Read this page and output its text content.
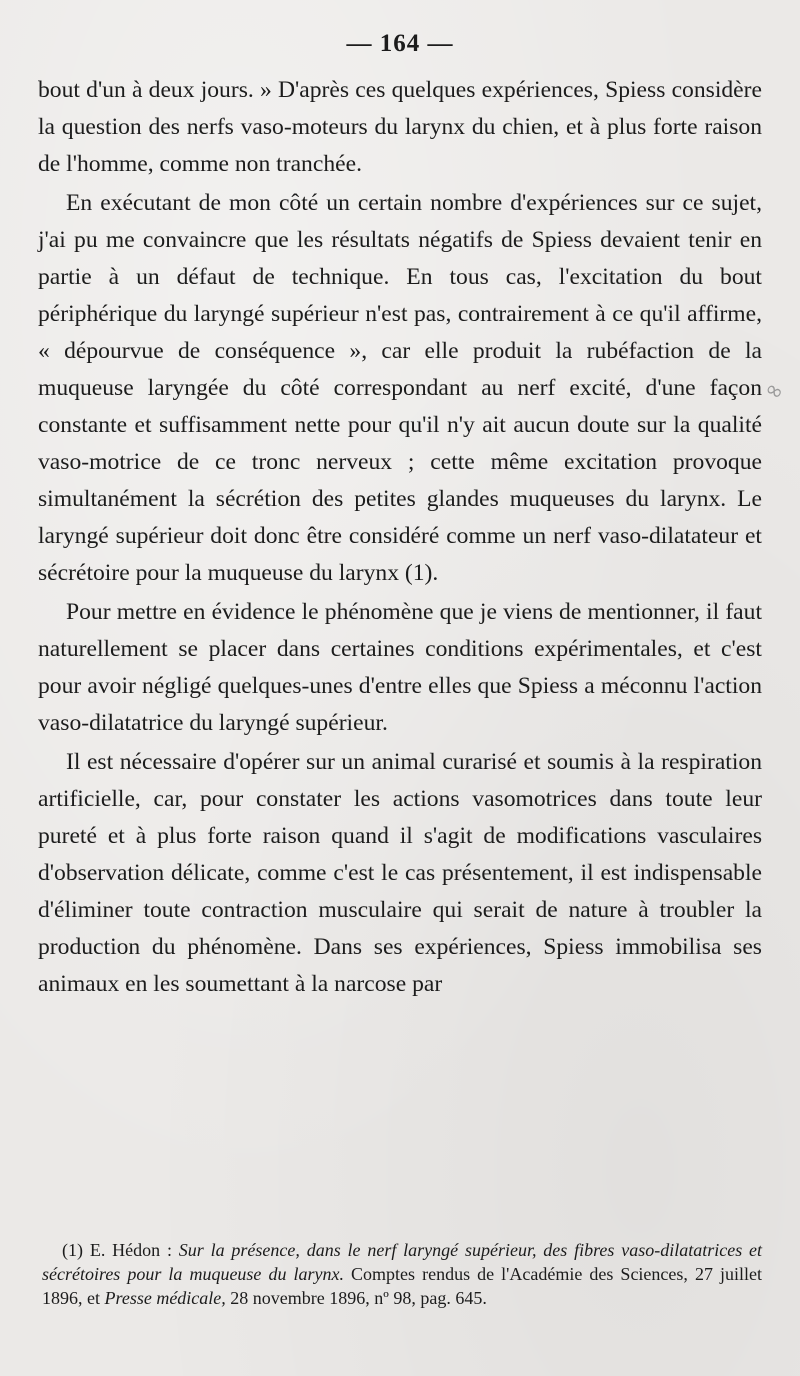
— 164 —

bout d'un à deux jours. » D'après ces quelques expériences, Spiess considère la question des nerfs vaso-moteurs du larynx du chien, et à plus forte raison de l'homme, comme non tranchée.

En exécutant de mon côté un certain nombre d'expériences sur ce sujet, j'ai pu me convaincre que les résultats négatifs de Spiess devaient tenir en partie à un défaut de technique. En tous cas, l'excitation du bout périphérique du laryngé supérieur n'est pas, contrairement à ce qu'il affirme, « dépourvue de conséquence », car elle produit la rubéfaction de la muqueuse laryngée du côté correspondant au nerf excité, d'une façon constante et suffisamment nette pour qu'il n'y ait aucun doute sur la qualité vaso-motrice de ce tronc nerveux ; cette même excitation provoque simultanément la sécrétion des petites glandes muqueuses du larynx. Le laryngé supérieur doit donc être considéré comme un nerf vaso-dilatateur et sécrétoire pour la muqueuse du larynx (1).

Pour mettre en évidence le phénomène que je viens de mentionner, il faut naturellement se placer dans certaines conditions expérimentales, et c'est pour avoir négligé quelques-unes d'entre elles que Spiess a méconnu l'action vaso-dilatatrice du laryngé supérieur.

Il est nécessaire d'opérer sur un animal curarisé et soumis à la respiration artificielle, car, pour constater les actions vasomotrices dans toute leur pureté et à plus forte raison quand il s'agit de modifications vasculaires d'observation délicate, comme c'est le cas présentement, il est indispensable d'éliminer toute contraction musculaire qui serait de nature à troubler la production du phénomène. Dans ses expériences, Spiess immobilisa ses animaux en les soumettant à la narcose par

∞
(1) E. Hédon : Sur la présence, dans le nerf laryngé supérieur, des fibres vaso-dilatatrices et sécrétoires pour la muqueuse du larynx. Comptes rendus de l'Académie des Sciences, 27 juillet 1896, et Presse médicale, 28 novembre 1896, nº 98, pag. 645.
